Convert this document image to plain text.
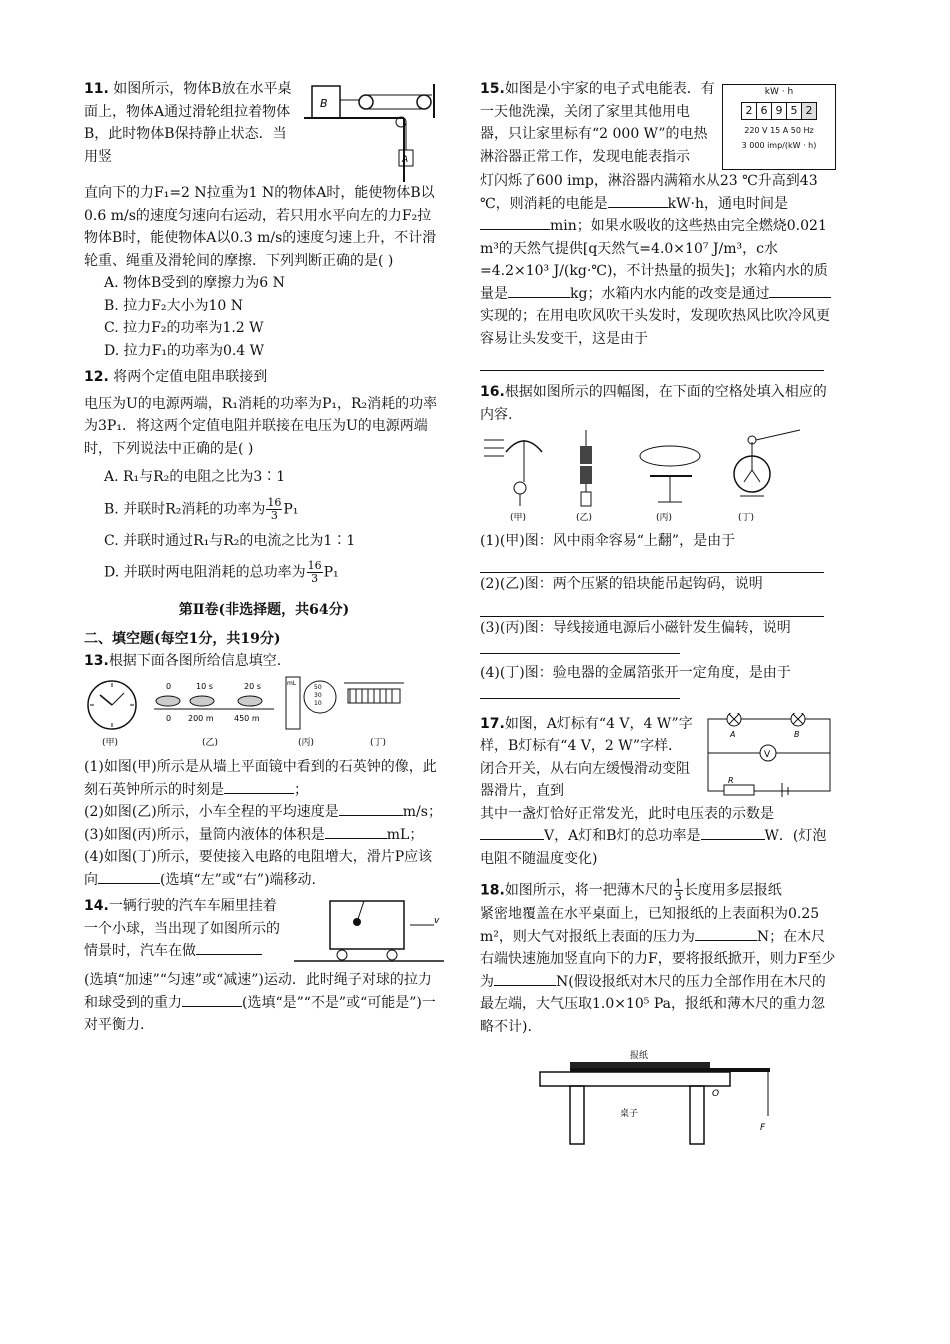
B
A

11. 如图所示，物体B放在水平桌面上，物体A通过滑轮组拉着物体B，此时物体B保持静止状态．当用竖

直向下的力F₁=2 N拉重为1 N的物体A时，能使物体B以0.6 m/s的速度匀速向右运动，若只用水平向左的力F₂拉物体B时，能使物体A以0.3 m/s的速度匀速上升，不计滑轮重、绳重及滑轮间的摩擦．下列判断正确的是( )

A. 物体B受到的摩擦力为6 N

B. 拉力F₂大小为10 N

C. 拉力F₂的功率为1.2 W

D. 拉力F₁的功率为0.4 W

12. 将两个定值电阻串联接到

电压为U的电源两端，R₁消耗的功率为P₁，R₂消耗的功率为3P₁．将这两个定值电阻并联接在电压为U的电源两端时，下列说法中正确的是( )

A. R₁与R₂的电阻之比为3∶1

B. 并联时R₂消耗的功率为 $\frac{16}{3} P_1$

C. 并联时通过R₁与R₂的电流之比为1∶1

D. 并联时两电阻消耗的总功率为 $\frac{16}{3} P_1$

第Ⅱ卷(非选择题，共64分)

二、填空题(每空1分，共19分)

13.根据下面各图所给信息填空.

(甲)
0	10 s	20 s
0 200 m	450 m
(乙)
mL
50
30
10
(丙)	(丁)

(1)如图(甲)所示是从墙上平面镜中看到的石英钟的像，此刻石英钟所示的时刻是	；

(2)如图(乙)所示，小车全程的平均速度是	m/s；

(3)如图(丙)所示，量筒内液体的体积是	mL；

(4)如图(丁)所示，要使接入电路的电阻增大，滑片P应该向	(选填“左”或“右”)端移动.

v

14.一辆行驶的汽车车厢里挂着一个小球，当出现了如图所示的情景时，汽车在做

(选填“加速”“匀速”或“减速”)运动．此时绳子对球的拉力和球受到的重力	(选填“是”“不是”或“可能是”)一对平衡力.

kW · h
2 6 9 5 2
220 V 15 A 50 Hz
3 000 imp/(kW · h)

15.如图是小宇家的电子式电能表．有一天他洗澡，关闭了家里其他用电器，只让家里标有“2 000 W”的电热淋浴器正常工作，发现电能表指示

灯闪烁了600 imp，淋浴器内满箱水从23 ℃升高到43 ℃，则消耗的电能是	kW·h，通电时间是min；如果水吸收的这些热由完全燃烧0.021 m³的天然气提供[q天然气=4.0×10⁷ J/m³，c水=4.2×10³ J/(kg·℃)，不计热量的损失]；水箱内水的质量是	kg；水箱内水内能的改变是通过实现的；在用电吹风吹干头发时，发现吹热风比吹冷风更容易让头发变干，这是由于

16.根据如图所示的四幅图，在下面的空格处填入相应的内容.

(甲)	(乙)	(丙)	(丁)

(1)(甲)图：风中雨伞容易“上翻”，是由于

(2)(乙)图：两个压紧的铅块能吊起钩码，说明

(3)(丙)图：导线接通电源后小磁针发生偏转，说明

(4)(丁)图：验电器的金属箔张开一定角度，是由于

A	B
V
R

17.如图，A灯标有“4 V，4 W”字样，B灯标有“4 V，2 W”字样．闭合开关，从右向左缓慢滑动变阻器滑片，直到

其中一盏灯恰好正常发光，此时电压表的示数是V，A灯和B灯的总功率是	W．(灯泡电阻不随温度变化)

18.如图所示，将一把薄木尺的 $\frac{1}{3}$ 长度用多层报纸

紧密地覆盖在水平桌面上，已知报纸的上表面积为0.25 m²，则大气对报纸上表面的压力为	N；在木尺右端快速施加竖直向下的力F，要将报纸掀开，则力F至少为	N(假设报纸对木尺的压力全部作用在木尺的最左端，大气压取1.0×10⁵ Pa，报纸和薄木尺的重力忽略不计).

报纸
O
F
桌子
